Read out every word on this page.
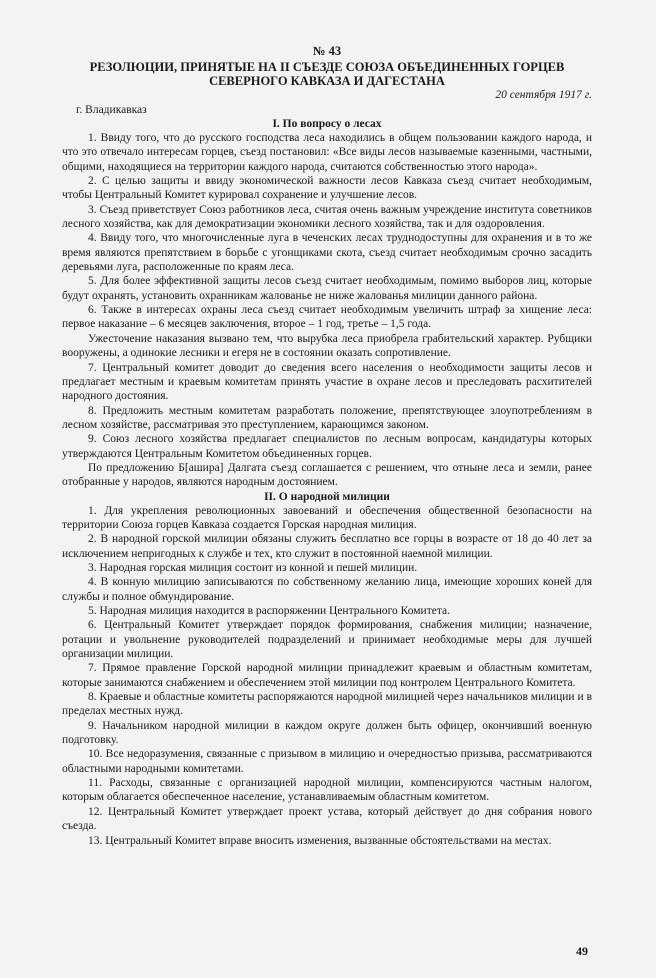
№ 43
РЕЗОЛЮЦИИ, ПРИНЯТЫЕ НА II СЪЕЗДЕ СОЮЗА ОБЪЕДИНЕННЫХ ГОРЦЕВ СЕВЕРНОГО КАВКАЗА И ДАГЕСТАНА
20 сентября 1917 г.
г. Владикавказ
I. По вопросу о лесах

1. Ввиду того, что до русского господства леса находились в общем пользовании каждого народа, и что это отвечало интересам горцев, съезд постановил: «Все виды лесов называемые казенными, частными, общими, находящиеся на территории каждого народа, считаются собственностью этого народа».

2. С целью защиты и ввиду экономической важности лесов Кавказа съезд считает необходимым, чтобы Центральный Комитет курировал сохранение и улучшение лесов.

3. Съезд приветствует Союз работников леса, считая очень важным учреждение института советников лесного хозяйства, как для демократизации экономики лесного хозяйства, так и для оздоровления.

4. Ввиду того, что многочисленные луга в чеченских лесах труднодоступны для охранения и в то же время являются препятствием в борьбе с угонщиками скота, съезд считает необходимым срочно засадить деревьями луга, расположенные по краям леса.

5. Для более эффективной защиты лесов съезд считает необходимым, помимо выборов лиц, которые будут охранять, установить охранникам жалованье не ниже жалованья милиции данного района.

6. Также в интересах охраны леса съезд считает необходимым увеличить штраф за хищение леса: первое наказание – 6 месяцев заключения, второе – 1 год, третье – 1,5 года.

Ужесточение наказания вызвано тем, что вырубка леса приобрела грабительский характер. Рубщики вооружены, а одинокие лесники и егеря не в состоянии оказать сопротивление.

7. Центральный комитет доводит до сведения всего населения о необходимости защиты лесов и предлагает местным и краевым комитетам принять участие в охране лесов и преследовать расхитителей народного достояния.

8. Предложить местным комитетам разработать положение, препятствующее злоупотреблениям в лесном хозяйстве, рассматривая это преступлением, карающимся законом.

9. Союз лесного хозяйства предлагает специалистов по лесным вопросам, кандидатуры которых утверждаются Центральным Комитетом объединенных горцев.

По предложению Б[ашира] Далгата съезд соглашается с решением, что отныне леса и земли, ранее отобранные у народов, являются народным достоянием.

II. О народной милиции

1. Для укрепления революционных завоеваний и обеспечения общественной безопасности на территории Союза горцев Кавказа создается Горская народная милиция.

2. В народной горской милиции обязаны служить бесплатно все горцы в возрасте от 18 до 40 лет за исключением непригодных к службе и тех, кто служит в постоянной наемной милиции.

3. Народная горская милиция состоит из конной и пешей милиции.

4. В конную милицию записываются по собственному желанию лица, имеющие хороших коней для службы и полное обмундирование.

5. Народная милиция находится в распоряжении Центрального Комитета.

6. Центральный Комитет утверждает порядок формирования, снабжения милиции; назначение, ротации и увольнение руководителей подразделений и принимает необходимые меры для лучшей организации милиции.

7. Прямое правление Горской народной милиции принадлежит краевым и областным комитетам, которые занимаются снабжением и обеспечением этой милиции под контролем Центрального Комитета.

8. Краевые и областные комитеты распоряжаются народной милицией через начальников милиции и в пределах местных нужд.

9. Начальником народной милиции в каждом округе должен быть офицер, окончивший военную подготовку.

10. Все недоразумения, связанные с призывом в милицию и очередностью призыва, рассматриваются областными народными комитетами.

11. Расходы, связанные с организацией народной милиции, компенсируются частным налогом, которым облагается обеспеченное население, устанавливаемым областным комитетом.

12. Центральный Комитет утверждает проект устава, который действует до дня собрания нового съезда.

13. Центральный Комитет вправе вносить изменения, вызванные обстоятельствами на местах.

49
